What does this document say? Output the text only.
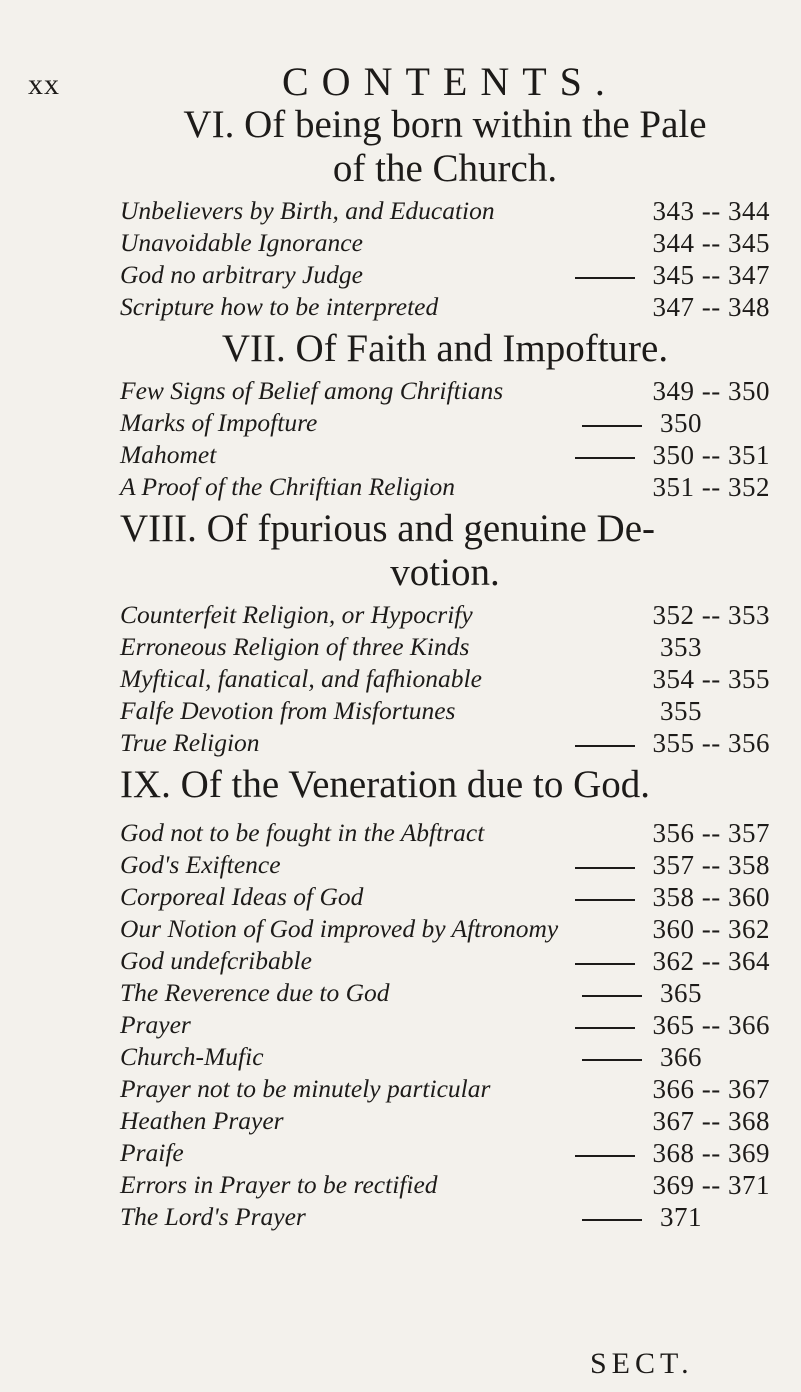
xx	CONTENTS.
VI. Of being born within the Pale
of the Church.
Unbelievers by Birth, and Education	343 -- 344
Unavoidable Ignorance	344 -- 345
God no arbitrary Judge	345 -- 347
Scripture how to be interpreted	347 -- 348
VII. Of Faith and Impofture.
Few Signs of Belief among Chriftians	349 -- 350
Marks of Impofture	350
Mahomet	350 -- 351
A Proof of the Chriftian Religion	351 -- 352
VIII. Of fpurious and genuine De-
votion.
Counterfeit Religion, or Hypocrify	352 -- 353
Erroneous Religion of three Kinds	353
Myftical, fanatical, and fafhionable	354 -- 355
Falfe Devotion from Misfortunes	355
True Religion	355 -- 356
IX. Of the Veneration due to God.
God not to be fought in the Abftract	356 -- 357
God's Exiftence	357 -- 358
Corporeal Ideas of God	358 -- 360
Our Notion of God improved by Aftronomy	360 -- 362
God undefcribable	362 -- 364
The Reverence due to God	365
Prayer	365 -- 366
Church-Mufic	366
Prayer not to be minutely particular	366 -- 367
Heathen Prayer	367 -- 368
Praife	368 -- 369
Errors in Prayer to be rectified	369 -- 371
The Lord's Prayer	371
SECT.
